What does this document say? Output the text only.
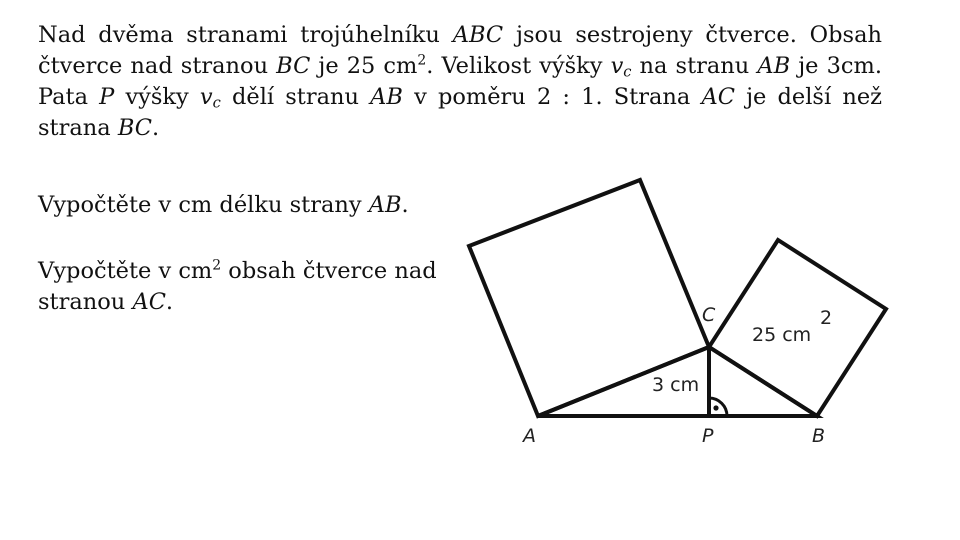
Nad dvěma stranami trojúhelníku ABC jsou sestrojeny čtverce. Obsah čtverce nad stranou BC je 25 $cm^2$. Velikost výšky $v_c$ na stranu AB je 3cm. Pata P výšky $v_c$ dělí stranu AB v poměru 2 : 1. Strana AC je delší než strana BC.

Vypočtěte v cm délku strany AB.

Vypočtěte v $cm^2$ obsah čtverce nad stranou AC.

A	P	B
C
3 cm
25 cm
2
